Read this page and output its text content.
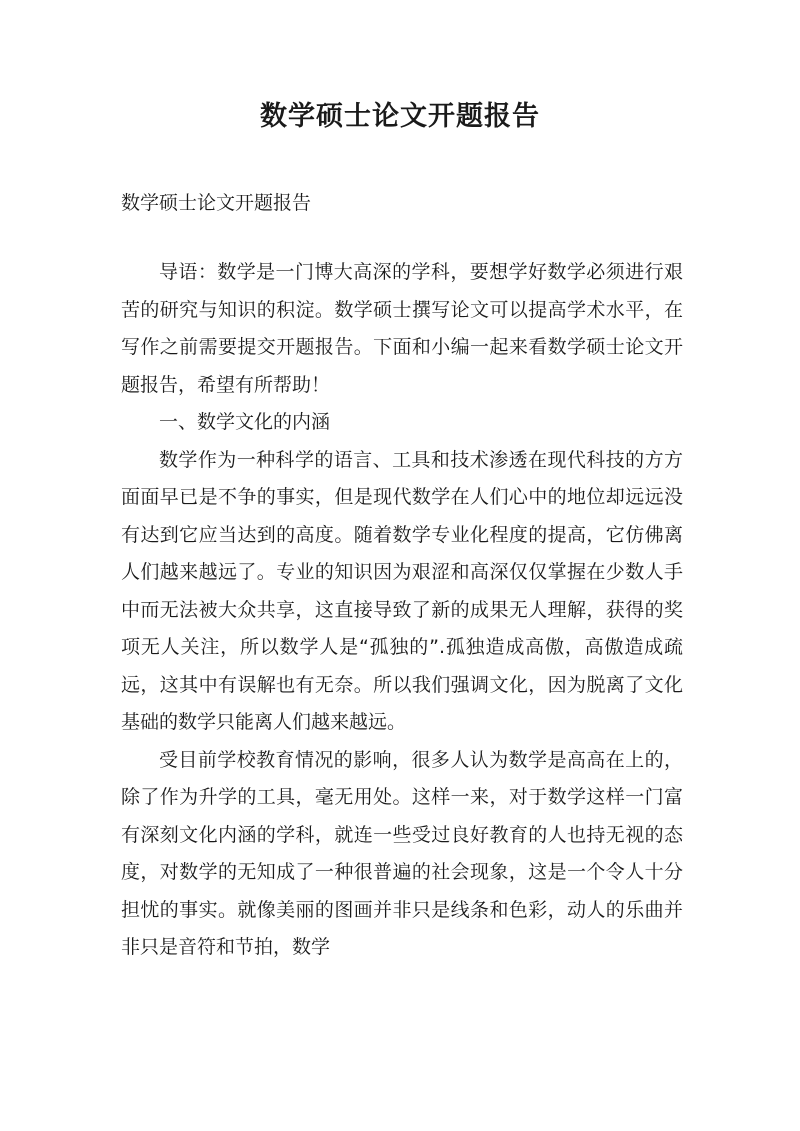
数学硕士论文开题报告
数学硕士论文开题报告

导语：数学是一门博大高深的学科，要想学好数学必须进行艰苦的研究与知识的积淀。数学硕士撰写论文可以提高学术水平，在写作之前需要提交开题报告。下面和小编一起来看数学硕士论文开题报告，希望有所帮助！

一、数学文化的内涵

数学作为一种科学的语言、工具和技术渗透在现代科技的方方面面早已是不争的事实，但是现代数学在人们心中的地位却远远没有达到它应当达到的高度。随着数学专业化程度的提高，它仿佛离人们越来越远了。专业的知识因为艰涩和高深仅仅掌握在少数人手中而无法被大众共享，这直接导致了新的成果无人理解，获得的奖项无人关注，所以数学人是“孤独的”.孤独造成高傲，高傲造成疏远，这其中有误解也有无奈。所以我们强调文化，因为脱离了文化基础的数学只能离人们越来越远。

受目前学校教育情况的影响，很多人认为数学是高高在上的，除了作为升学的工具，毫无用处。这样一来，对于数学这样一门富有深刻文化内涵的学科，就连一些受过良好教育的人也持无视的态度，对数学的无知成了一种很普遍的社会现象，这是一个令人十分担忧的事实。就像美丽的图画并非只是线条和色彩，动人的乐曲并非只是音符和节拍，数学
